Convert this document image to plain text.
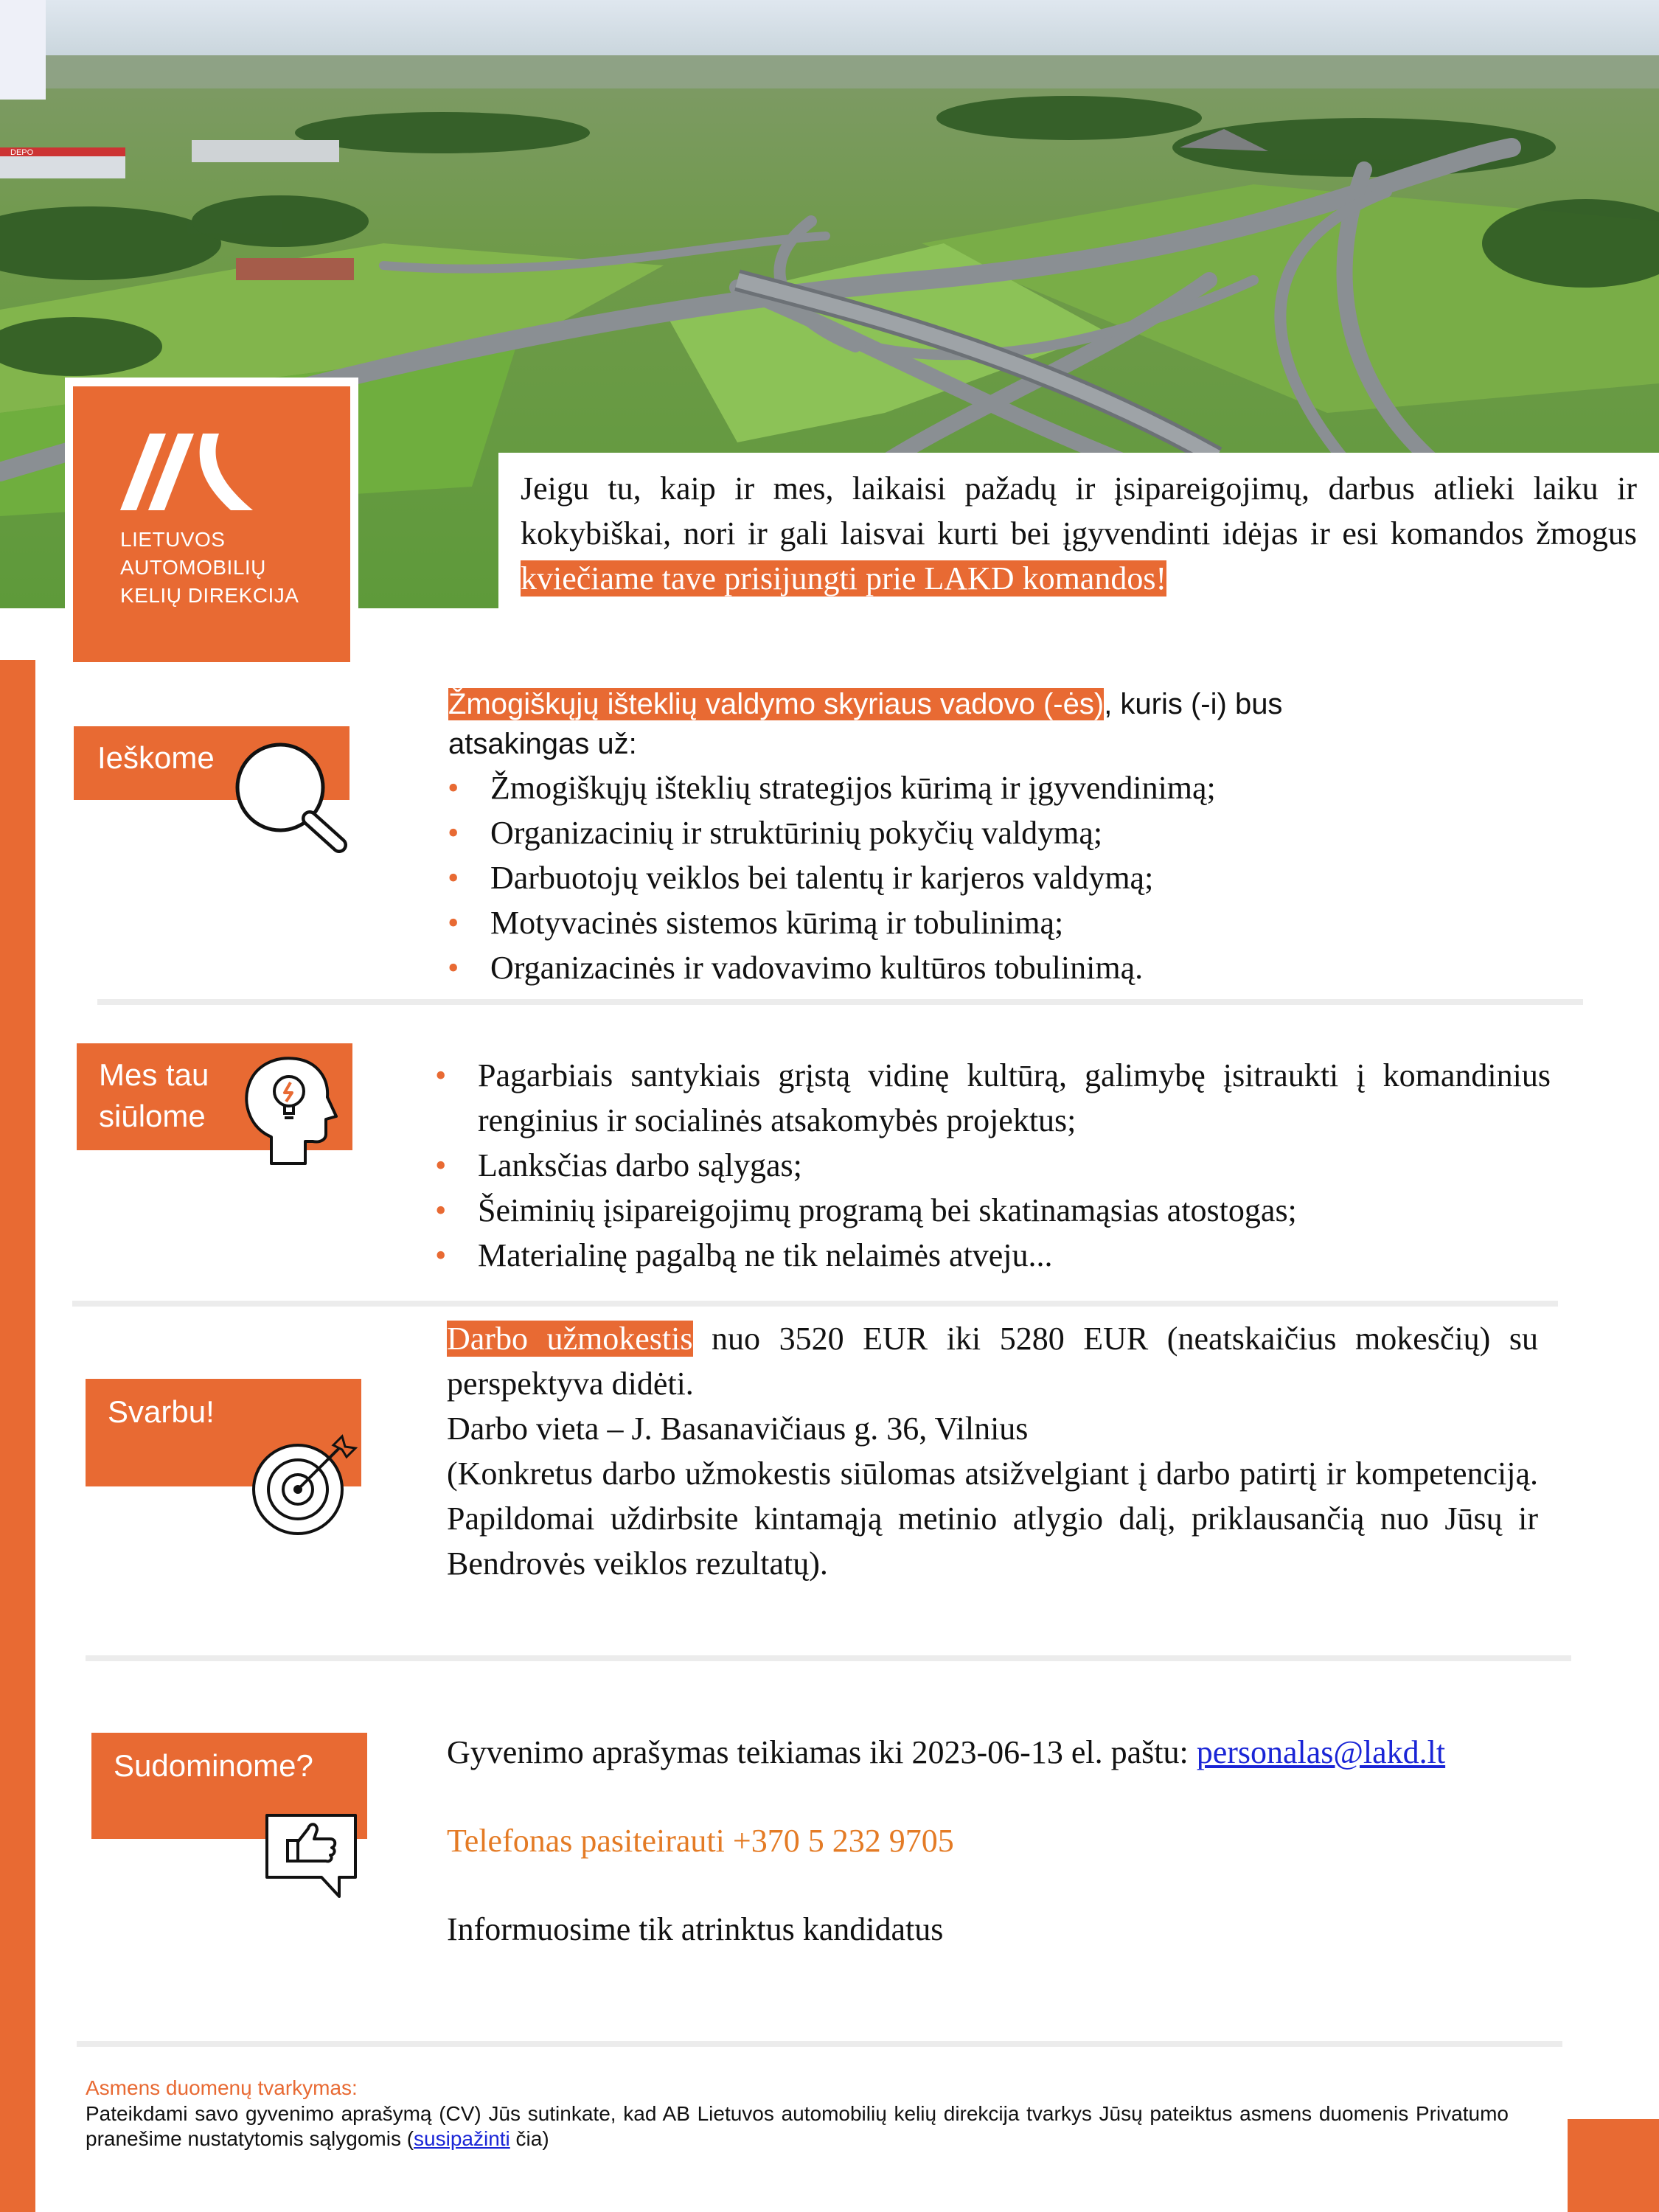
DEPO
LIETUVOS
AUTOMOBILIŲ
KELIŲ DIREKCIJA
Jeigu tu, kaip ir mes, laikaisi pažadų ir įsipareigojimų, darbus atlieki laiku ir kokybiškai, nori ir gali laisvai kurti bei įgyvendinti idėjas ir esi komandos žmogus kviečiame tave prisijungti prie LAKD komandos!
Ieškome
Žmogiškųjų išteklių valdymo skyriaus vadovo (-ės), kuris (-i) bus
atsakingas už:
• Žmogiškųjų išteklių strategijos kūrimą ir įgyvendinimą;
• Organizacinių ir struktūrinių pokyčių valdymą;
• Darbuotojų veiklos bei talentų ir karjeros valdymą;
• Motyvacinės sistemos kūrimą ir tobulinimą;
• Organizacinės ir vadovavimo kultūros tobulinimą.
Mes tau
siūlome
• Pagarbiais santykiais grįstą vidinę kultūrą, galimybę įsitraukti į komandinius renginius ir socialinės atsakomybės projektus;
• Lanksčias darbo sąlygas;
• Šeiminių įsipareigojimų programą bei skatinamąsias atostogas;
• Materialinę pagalbą ne tik nelaimės atveju...
Svarbu!
Darbo užmokestis nuo 3520 EUR iki 5280 EUR (neatskaičius mokesčių) su perspektyva didėti.
Darbo vieta – J. Basanavičiaus g. 36, Vilnius
(Konkretus darbo užmokestis siūlomas atsižvelgiant į darbo patirtį ir kompetenciją. Papildomai uždirbsite kintamąją metinio atlygio dalį, priklausančią nuo Jūsų ir Bendrovės veiklos rezultatų).
Sudominome?	Gyvenimo aprašymas teikiamas iki 2023-06-13 el. paštu: personalas@lakd.lt
Telefonas pasiteirauti +370 5 232 9705
Informuosime tik atrinktus kandidatus
Asmens duomenų tvarkymas:
Pateikdami savo gyvenimo aprašymą (CV) Jūs sutinkate, kad AB Lietuvos automobilių kelių direkcija tvarkys Jūsų pateiktus asmens duomenis Privatumo pranešime nustatytomis sąlygomis (susipažinti čia)
